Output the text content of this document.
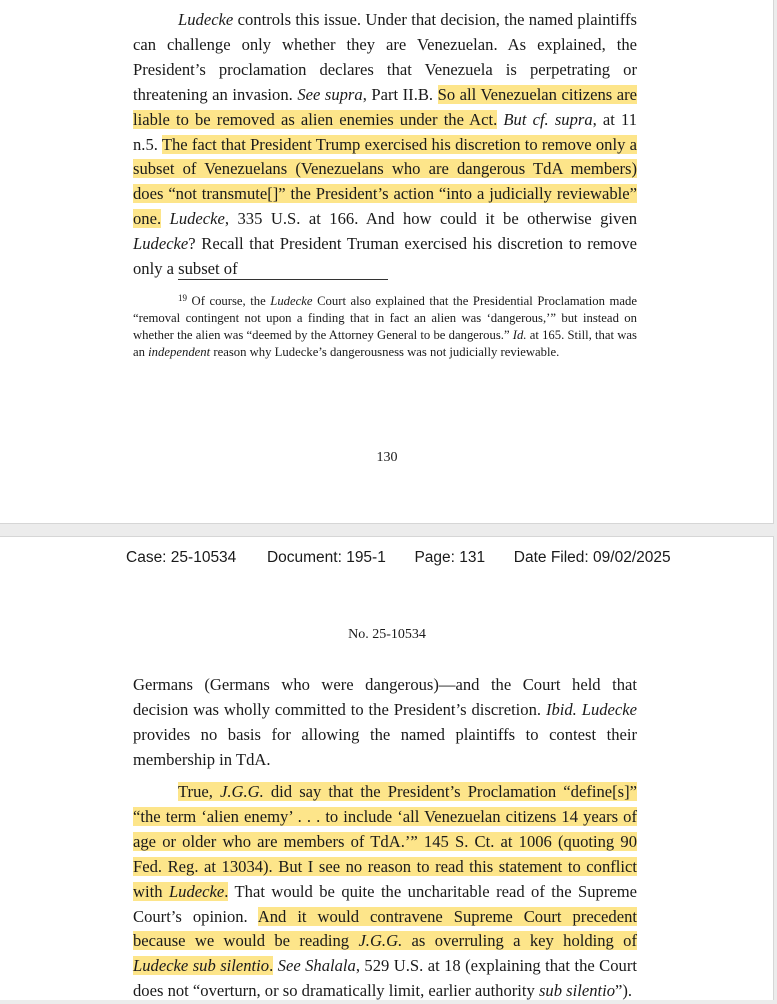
Ludecke controls this issue. Under that decision, the named plaintiffs can challenge only whether they are Venezuelan. As explained, the President’s proclamation declares that Venezuela is perpetrating or threatening an invasion. See supra, Part II.B. So all Venezuelan citizens are liable to be removed as alien enemies under the Act. But cf. supra, at 11 n.5. The fact that President Trump exercised his discretion to remove only a subset of Venezuelans (Venezuelans who are dangerous TdA members) does “not transmute[]” the President’s action “into a judicially reviewable” one. Ludecke, 335 U.S. at 166. And how could it be otherwise given Ludecke? Recall that President Truman exercised his discretion to remove only a subset of

$^{19}$ Of course, the Ludecke Court also explained that the Presidential Proclamation made “removal contingent not upon a finding that in fact an alien was ‘dangerous,’” but instead on whether the alien was “deemed by the Attorney General to be dangerous.” Id. at 165. Still, that was an independent reason why Ludecke’s dangerousness was not judicially reviewable.

130
Case: 25-10534 Document: 195-1 Page: 131 Date Filed: 09/02/2025
No. 25-10534

Germans (Germans who were dangerous)—and the Court held that decision was wholly committed to the President’s discretion. Ibid. Ludecke provides no basis for allowing the named plaintiffs to contest their membership in TdA.

True, J.G.G. did say that the President’s Proclamation “define[s]” “the term ‘alien enemy’ . . . to include ‘all Venezuelan citizens 14 years of age or older who are members of TdA.’” 145 S. Ct. at 1006 (quoting 90 Fed. Reg. at 13034). But I see no reason to read this statement to conflict with Ludecke. That would be quite the uncharitable read of the Supreme Court’s opinion. And it would contravene Supreme Court precedent because we would be reading J.G.G. as overruling a key holding of Ludecke sub silentio. See Shalala, 529 U.S. at 18 (explaining that the Court does not “overturn, or so dramatically limit, earlier authority sub silentio”).
